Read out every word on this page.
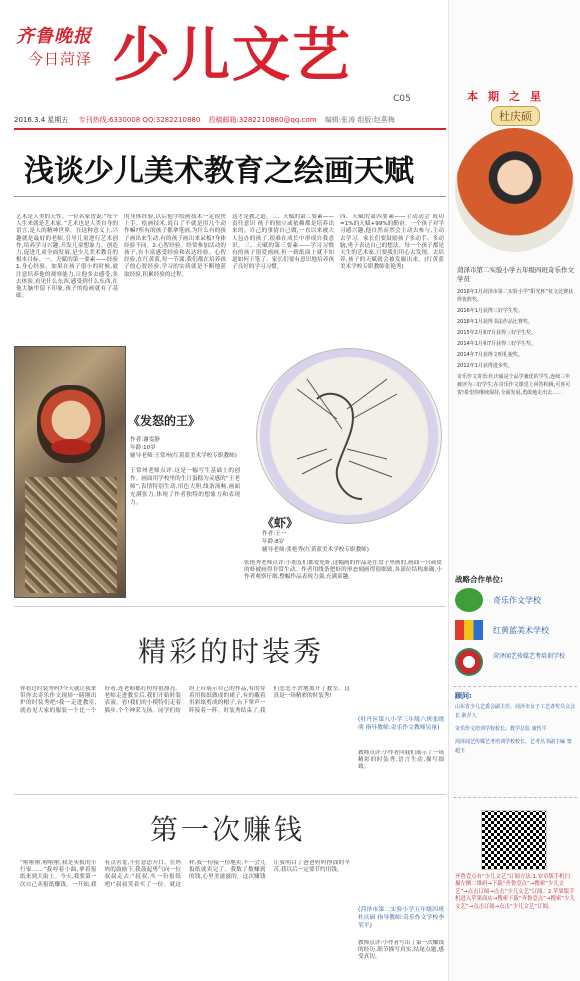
齐鲁晚报
今日菏泽 少儿文艺
C05
2016.3.4 星期五 专刊热线:6330008 QQ:3282210880 投稿邮箱:3282210880@qq.com 编辑:张涛 组版:赵燕梅
本期之星
杜庆硕
菏泽市第二实验小学五年级四班奇乐作文学员

2016年1月菏泽市第二实验小学“阳光杯”征文比赛获得优胜奖。

2016年1月获得三好学生奖。

2016年1月获得书法作品比赛奖。

2015年2月和7月获得三好学生奖。

2014年1月和7月获得三好学生奖。

2014年7月获得文明礼貌奖。

2012年1月获得进步奖。

奇乐作文寄语:杜庆硕是个品学兼优的学生,连续三年被评为三好学生;在奇乐作文课堂上回答积极,可喜可贺!希望你继续保持,全面发展,勇敢地走出去……

战略合作单位:
奇乐作文学校
红黄蓝美术学校
菏泽闻艺传媒艺考培训学校
顾问:

山东省少儿艺委会副主任、菏泽市女子工艺者奖员会会长 耿夕人

奇乐作文培训学校校长、教学总监 康忱平

菏泽闻艺传媒艺考培训学校校长、艺考丛书副主编 窦超玉

齐鲁壹点有“少儿文艺”订阅方法:1.安卓版手机扫描左侧二维码→下载“齐鲁壹点”→搜索“少儿文艺”→点击订阅→点击“少儿文艺”订阅。2.苹果版手机进入苹果商店→搜索下载“齐鲁壹点”→搜索“少儿文艺”→点击订阅→点击“少儿文艺”订阅。
浅谈少儿美术教育之绘画天赋

艺术是人类的天性。一位名家曾说:“每个人生来就是艺术家。”艺术也是人类自身的语言,是人的精神世界。在这种意义上,兴趣就是最好的老师,引导儿童进行艺术创作,培养学习兴趣,开发儿童想象力、创造力,促进儿童全面发展,是少儿美术教育的根本目标。一、天赋的第一要素——经验 1.身心经验。如果在孩子很小的时候,就注意培养他的观察能力,让他多去感受,多去体验,看见什么东西,感受到什么东西,在他大脑里留下印象,孩子的绘画就有了基础。

的身体经验,以后他学绘画技术一定很快上手。绘画技术,说白了不就是用几个动作嘛?所有的孩子都拿笔画,为什么有的孩子画出来生动,有的孩子画出来呆板?身体经验不同。2.心智经验。经常参加活动的孩子,有丰富感受经验和表达经验。心智经验,在红黄蓝,每一节课,我们都在培养孩子的心智经验,学习的实质就是不断地获取经验,积累经验的过程。

这才是教之道。二、天赋的第二要素——责任意识 孩子的独立或依赖都是培养出来的。自己的事情自己做,一直以来被大人包办的孩子,很难在成长中形成自我意识。三、天赋的第三要素——学习习惯 有的孩子很爱画画,但一到纸面上就不知道如何下笔了。家长们要有意识地培养孩子良好的学习习惯。

四、天赋的第四要素——主动动会 成功=1%的天赋+99%的勤奋。一个孩子对学习感兴趣,他自然而然会主动去参与,主动去学习。家长们要鼓励孩子多动手、多动脑,勇于表达自己的想法。每一个孩子都是天生的艺术家,只要我们用心去发现、去培养,孩子的天赋就会被发掘出来。(红黄蓝美术学校专职教师张艳秀)

《发怒的王》

作者:谢雯静

年龄:10岁

辅导老师:王常州(红黄蓝美术学校专职教师)

王常州老师点评:这是一幅写生基础上的创作。画面用学校里的生日蛋糕为灵感的“王老师”,表情特别生动,用色大胆,线条流畅,画面充满张力,体现了作者独特的想象力和表现力。

《虾》

作者:王一

年龄:8岁

辅导老师:张艳秀(红黄蓝美术学校专职教师)

张艳秀老师点评:小朋友们都爱吃虾,这幅画的作品是在盘子里画的,画面一只顽皮的虾被画得非常生动。作者用线条把虾的形态刻画得很细致,各部位结构准确,小作者观察仔细,整幅作品表现力强,充满童趣。
精彩的时装秀
你看过时装秀吗?今天就让我来带你去奇乐作文现场一睹刚出炉的时装秀吧!我一走进教室,就看见大家的服装一个比一个好看,连老师都打扮得很漂亮。老师走进教室后,我们开始时装表演。看!我们的小模特们走着猫步,个个神采飞扬。同学们纷纷上台展示自己的作品,有的穿着用报纸做成的裙子,有的戴着用彩纸剪成的帽子,台下掌声一阵接着一阵。时装秀结束了,我们恋恋不舍地离开了教室。这真是一场精彩的时装秀!
(牡丹区第八小学三年级六班张晓萌 指导教师:奇乐作文教师吴量)
教师点评:小作者向我们展示了一场精彩的时装秀,语言生动,描写细致。
第一次赚钱
“啦啦啦,啦啦啦,我是卖报的小行家……”我哼着小曲,拿着报纸来到大街上。今天,我要第一次自己卖报纸赚钱。一开始,我有点害羞,不好意思开口。在妈妈的鼓励下,我鼓起勇气向一位叔叔走去:“叔叔,买一份报纸吧!”叔叔笑着买了一份。就这样,我一份接一份地卖,不一会儿报纸就卖完了。我数了数赚到的钱,心里美滋滋的。这次赚钱让我明白了爸爸妈妈挣钱的辛苦,我以后一定要节约用钱。
(菏泽市第二实验小学五年级四班杜庆硕 指导教师:奇乐作文学校李荣平)
教师点评:小作者写出了第一次赚钱的经历,细节描写真实,结尾点题,感受真切。
